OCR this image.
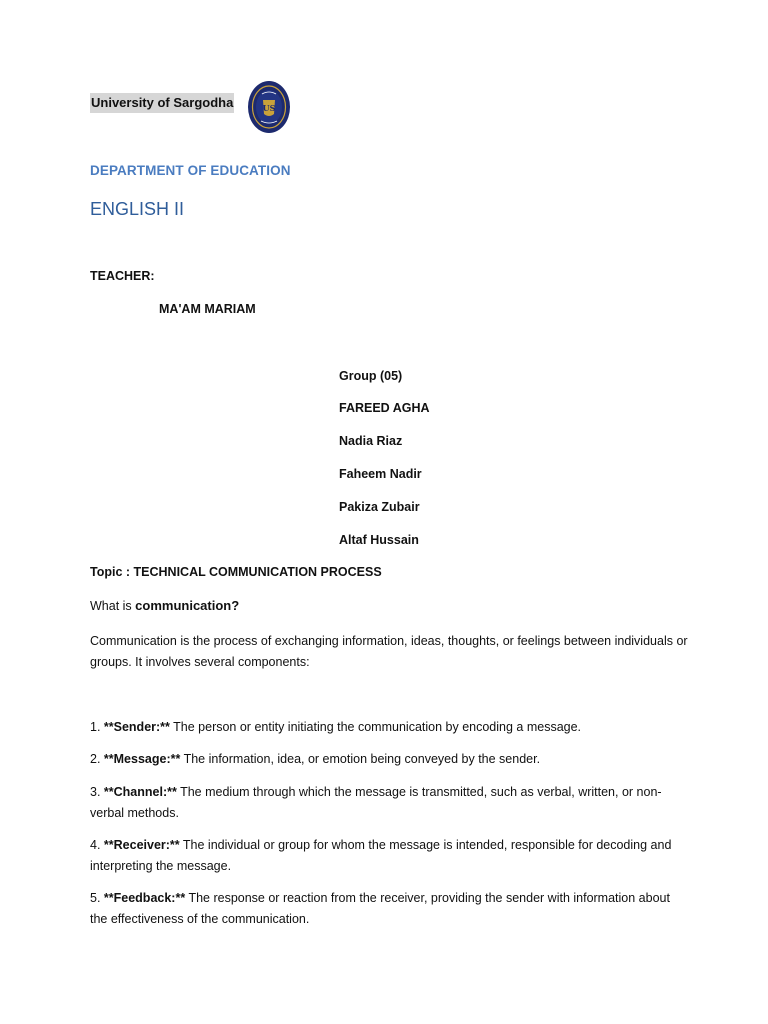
University of Sargodha	US
DEPARTMENT OF EDUCATION
ENGLISH II
TEACHER:
MA'AM MARIAM
Group (05)
FAREED AGHA
Nadia Riaz
Faheem Nadir
Pakiza Zubair
Altaf Hussain
Topic : TECHNICAL COMMUNICATION PROCESS
What is communication?
Communication is the process of exchanging information, ideas, thoughts, or feelings between individuals or groups. It involves several components:
1. **Sender:** The person or entity initiating the communication by encoding a message.
2. **Message:** The information, idea, or emotion being conveyed by the sender.
3. **Channel:** The medium through which the message is transmitted, such as verbal, written, or non-verbal methods.
4. **Receiver:** The individual or group for whom the message is intended, responsible for decoding and interpreting the message.
5. **Feedback:** The response or reaction from the receiver, providing the sender with information about the effectiveness of the communication.
